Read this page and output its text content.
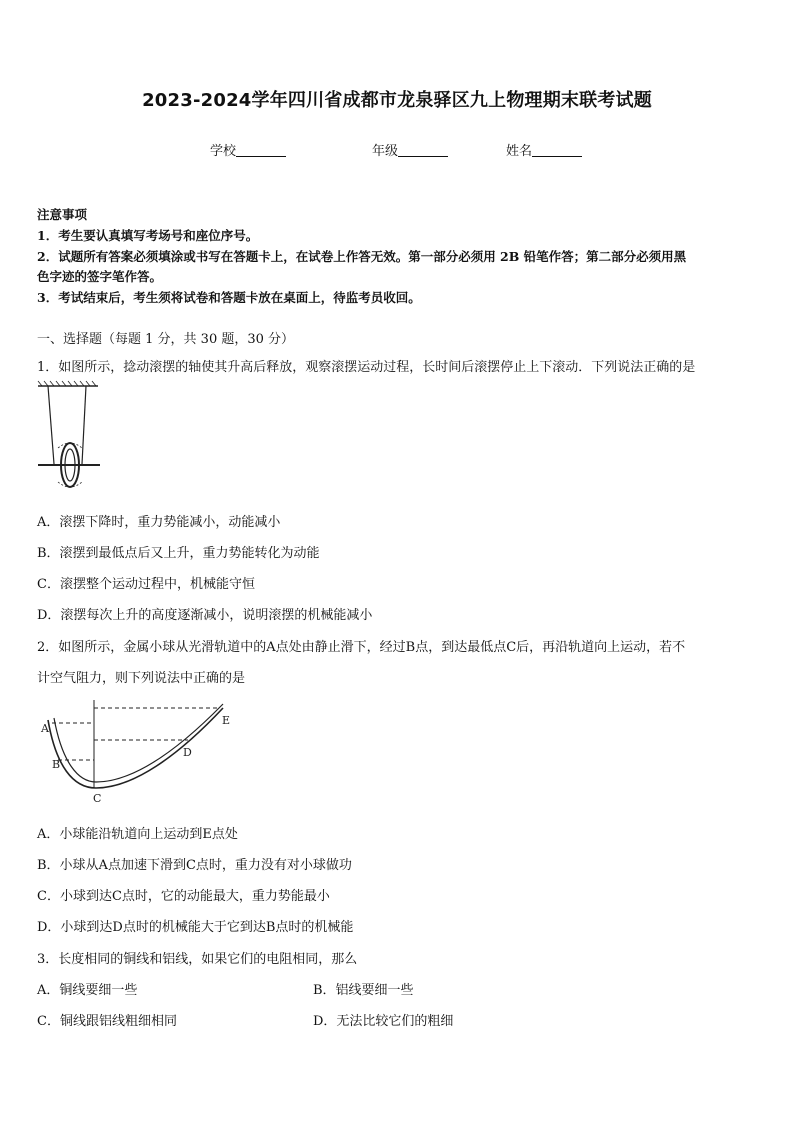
2023-2024学年四川省成都市龙泉驿区九上物理期末联考试题
学校	年级	姓名
注意事项
1．考生要认真填写考场号和座位序号。
2．试题所有答案必须填涂或书写在答题卡上，在试卷上作答无效。第一部分必须用 2B 铅笔作答；第二部分必须用黑
色字迹的签字笔作答。
3．考试结束后，考生须将试卷和答题卡放在桌面上，待监考员收回。
一、选择题（每题 1 分，共 30 题，30 分）
1．如图所示，捻动滚摆的轴使其升高后释放，观察滚摆运动过程，长时间后滚摆停止上下滚动．下列说法正确的是
A．滚摆下降时，重力势能减小，动能减小
B．滚摆到最低点后又上升，重力势能转化为动能
C．滚摆整个运动过程中，机械能守恒
D．滚摆每次上升的高度逐渐减小，说明滚摆的机械能减小
2．如图所示，金属小球从光滑轨道中的A点处由静止滑下，经过B点，到达最低点C后，再沿轨道向上运动，若不
计空气阻力，则下列说法中正确的是
A
B
C
D
E
A．小球能沿轨道向上运动到E点处
B．小球从A点加速下滑到C点时，重力没有对小球做功
C．小球到达C点时，它的动能最大，重力势能最小
D．小球到达D点时的机械能大于它到达B点时的机械能
3．长度相同的铜线和铝线，如果它们的电阻相同，那么
A．铜线要细一些	B．铝线要细一些
C．铜线跟铝线粗细相同	D．无法比较它们的粗细
